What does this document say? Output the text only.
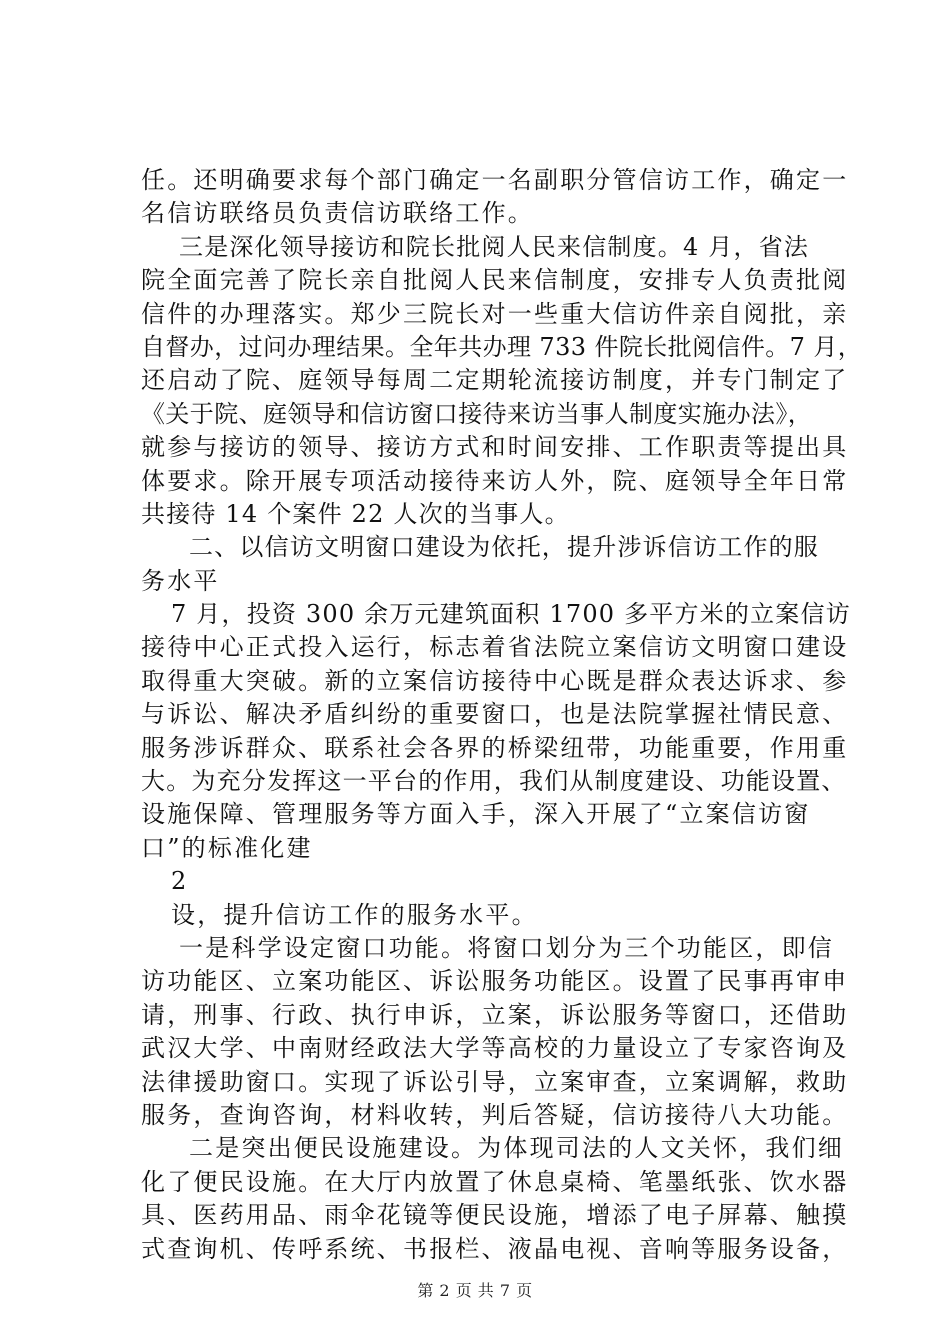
任。还明确要求每个部门确定一名副职分管信访工作，确定一
名信访联络员负责信访联络工作。
三是深化领导接访和院长批阅人民来信制度。4 月，省法
院全面完善了院长亲自批阅人民来信制度，安排专人负责批阅
信件的办理落实。郑少三院长对一些重大信访件亲自阅批，亲
自督办，过问办理结果。全年共办理 733 件院长批阅信件。7 月，
还启动了院、庭领导每周二定期轮流接访制度，并专门制定了
《关于院、庭领导和信访窗口接待来访当事人制度实施办法》，
就参与接访的领导、接访方式和时间安排、工作职责等提出具
体要求。除开展专项活动接待来访人外，院、庭领导全年日常
共接待 14 个案件 22 人次的当事人。
二、以信访文明窗口建设为依托，提升涉诉信访工作的服
务水平
7 月，投资 300 余万元建筑面积 1700 多平方米的立案信访
接待中心正式投入运行，标志着省法院立案信访文明窗口建设
取得重大突破。新的立案信访接待中心既是群众表达诉求、参
与诉讼、解决矛盾纠纷的重要窗口，也是法院掌握社情民意、
服务涉诉群众、联系社会各界的桥梁纽带，功能重要，作用重
大。为充分发挥这一平台的作用，我们从制度建设、功能设置、
设施保障、管理服务等方面入手，深入开展了“立案信访窗
口”的标准化建
2
设，提升信访工作的服务水平。
一是科学设定窗口功能。将窗口划分为三个功能区，即信
访功能区、立案功能区、诉讼服务功能区。设置了民事再审申
请，刑事、行政、执行申诉，立案，诉讼服务等窗口，还借助
武汉大学、中南财经政法大学等高校的力量设立了专家咨询及
法律援助窗口。实现了诉讼引导，立案审查，立案调解，救助
服务，查询咨询，材料收转，判后答疑，信访接待八大功能。
二是突出便民设施建设。为体现司法的人文关怀，我们细
化了便民设施。在大厅内放置了休息桌椅、笔墨纸张、饮水器
具、医药用品、雨伞花镜等便民设施，增添了电子屏幕、触摸
式查询机、传呼系统、书报栏、液晶电视、音响等服务设备，
第 2 页 共 7 页
